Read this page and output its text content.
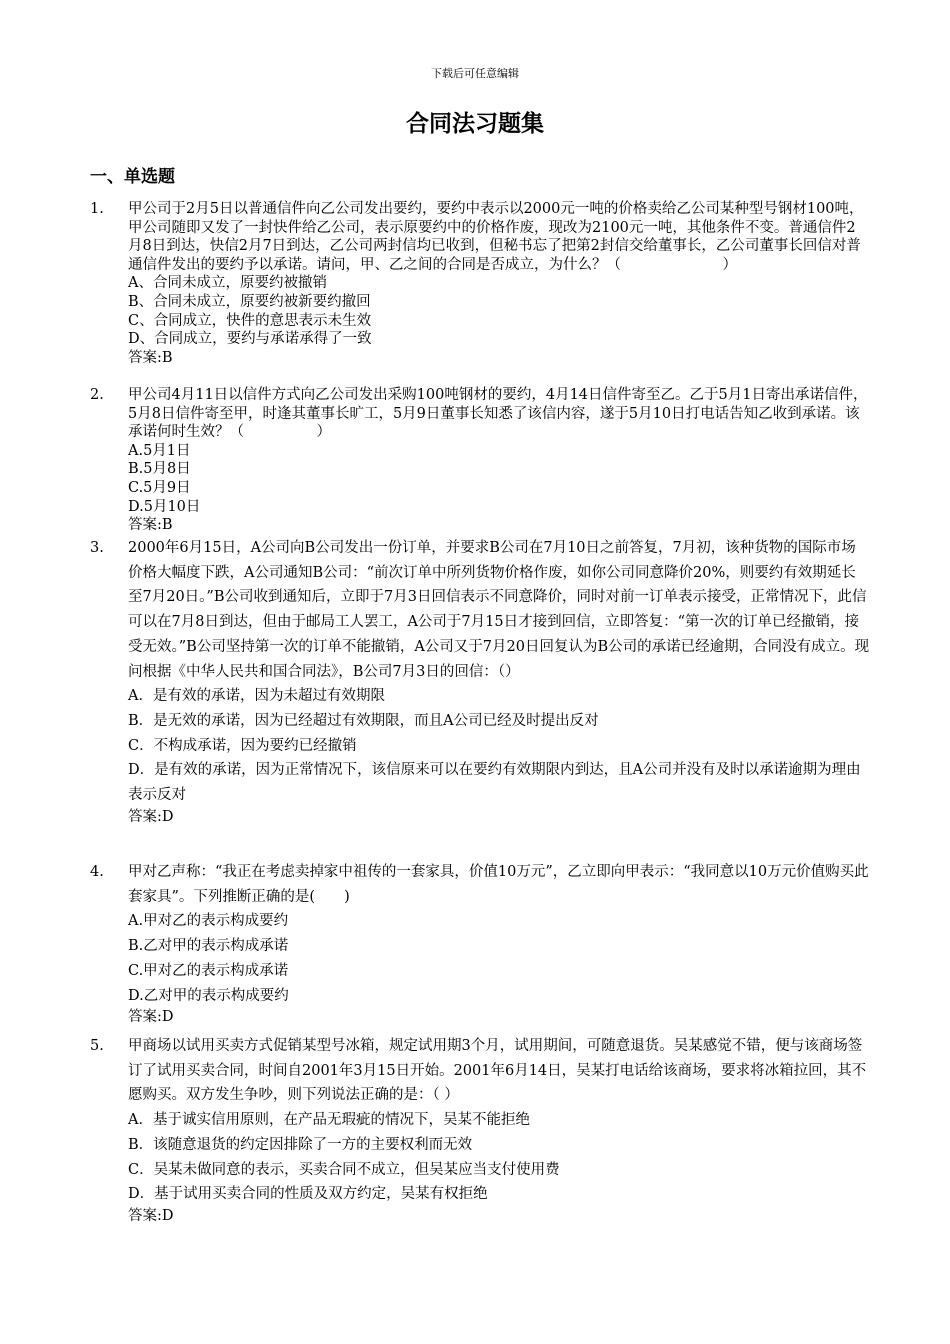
下载后可任意编辑
合同法习题集
一、单选题
1.	甲公司于2月5日以普通信件向乙公司发出要约，要约中表示以2000元一吨的价格卖给乙公司某种型号钢材100吨，甲公司随即又发了一封快件给乙公司，表示原要约中的价格作废，现改为2100元一吨，其他条件不变。普通信件2月8日到达，快信2月7日到达，乙公司两封信均已收到，但秘书忘了把第2封信交给董事长，乙公司董事长回信对普通信件发出的要约予以承诺。请问，甲、乙之间的合同是否成立，为什么？（　　　　　　　）

A、合同未成立，原要约被撤销

B、合同未成立，原要约被新要约撤回

C、合同成立，快件的意思表示未生效

D、合同成立，要约与承诺承得了一致

答案:B

2.	甲公司4月11日以信件方式向乙公司发出采购100吨钢材的要约，4月14日信件寄至乙。乙于5月1日寄出承诺信件，5月8日信件寄至甲，时逢其董事长旷工，5月9日董事长知悉了该信内容，遂于5月10日打电话告知乙收到承诺。该承诺何时生效？（　　　　　）

A.5月1日

B.5月8日

C.5月9日

D.5月10日

答案:B

3.	2000年6月15日，A公司向B公司发出一份订单，并要求B公司在7月10日之前答复，7月初，该种货物的国际市场价格大幅度下跌，A公司通知B公司：“前次订单中所列货物价格作废，如你公司同意降价20%，则要约有效期延长至7月20日。”B公司收到通知后，立即于7月3日回信表示不同意降价，同时对前一订单表示接受，正常情况下，此信可以在7月8日到达，但由于邮局工人罢工，A公司于7月15日才接到回信，立即答复：“第一次的订单已经撤销，接受无效。”B公司坚持第一次的订单不能撤销，A公司又于7月20日回复认为B公司的承诺已经逾期，合同没有成立。现问根据《中华人民共和国合同法》，B公司7月3日的回信：（）

A．是有效的承诺，因为未超过有效期限

B．是无效的承诺，因为已经超过有效期限，而且A公司已经及时提出反对

C．不构成承诺，因为要约已经撤销

D．是有效的承诺，因为正常情况下，该信原来可以在要约有效期限内到达，且A公司并没有及时以承诺逾期为理由表示反对

答案:D

4.	甲对乙声称：“我正在考虑卖掉家中祖传的一套家具，价值10万元”，乙立即向甲表示：“我同意以10万元价值购买此套家具”。下列推断正确的是(　　)

A.甲对乙的表示构成要约

B.乙对甲的表示构成承诺

C.甲对乙的表示构成承诺

D.乙对甲的表示构成要约

答案:D

5.	甲商场以试用买卖方式促销某型号冰箱，规定试用期3个月，试用期间，可随意退货。吴某感觉不错，便与该商场签订了试用买卖合同，时间自2001年3月15日开始。2001年6月14日，吴某打电话给该商场，要求将冰箱拉回，其不愿购买。双方发生争吵，则下列说法正确的是：（ ）

A．基于诚实信用原则，在产品无瑕疵的情况下，吴某不能拒绝

B．该随意退货的约定因排除了一方的主要权利而无效

C．吴某未做同意的表示，买卖合同不成立，但吴某应当支付使用费

D．基于试用买卖合同的性质及双方约定，吴某有权拒绝

答案:D
